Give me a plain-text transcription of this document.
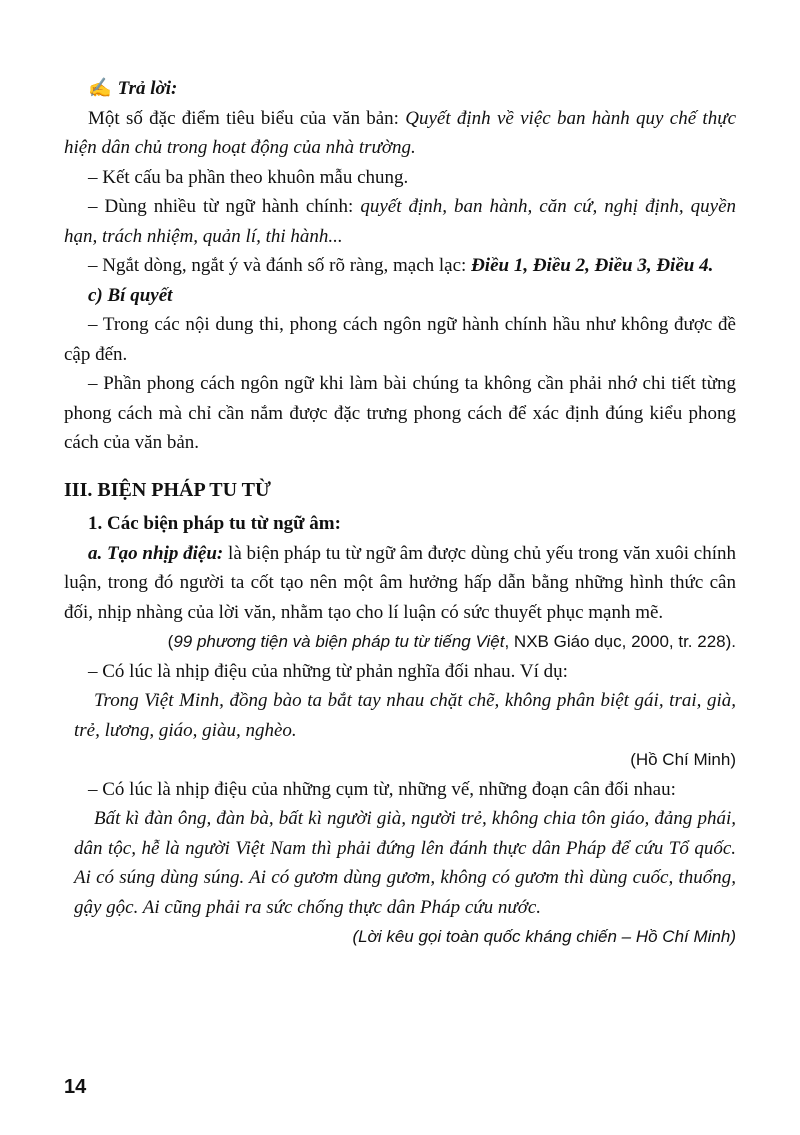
✍ Trả lời:

Một số đặc điểm tiêu biểu của văn bản: Quyết định về việc ban hành quy chế thực hiện dân chủ trong hoạt động của nhà trường.

– Kết cấu ba phần theo khuôn mẫu chung.

– Dùng nhiều từ ngữ hành chính: quyết định, ban hành, căn cứ, nghị định, quyền hạn, trách nhiệm, quản lí, thi hành...

– Ngắt dòng, ngắt ý và đánh số rõ ràng, mạch lạc: Điều 1, Điều 2, Điều 3, Điều 4.

c) Bí quyết

– Trong các nội dung thi, phong cách ngôn ngữ hành chính hầu như không được đề cập đến.

– Phần phong cách ngôn ngữ khi làm bài chúng ta không cần phải nhớ chi tiết từng phong cách mà chỉ cần nắm được đặc trưng phong cách để xác định đúng kiểu phong cách của văn bản.

III. BIỆN PHÁP TU TỪ

1. Các biện pháp tu từ ngữ âm:

a. Tạo nhịp điệu: là biện pháp tu từ ngữ âm được dùng chủ yếu trong văn xuôi chính luận, trong đó người ta cốt tạo nên một âm hưởng hấp dẫn bằng những hình thức cân đối, nhịp nhàng của lời văn, nhằm tạo cho lí luận có sức thuyết phục mạnh mẽ.

(99 phương tiện và biện pháp tu từ tiếng Việt, NXB Giáo dục, 2000, tr. 228).

– Có lúc là nhịp điệu của những từ phản nghĩa đối nhau. Ví dụ:

Trong Việt Minh, đồng bào ta bắt tay nhau chặt chẽ, không phân biệt gái, trai, già, trẻ, lương, giáo, giàu, nghèo.

(Hồ Chí Minh)

– Có lúc là nhịp điệu của những cụm từ, những vế, những đoạn cân đối nhau:

Bất kì đàn ông, đàn bà, bất kì người già, người trẻ, không chia tôn giáo, đảng phái, dân tộc, hễ là người Việt Nam thì phải đứng lên đánh thực dân Pháp để cứu Tổ quốc. Ai có súng dùng súng. Ai có gươm dùng gươm, không có gươm thì dùng cuốc, thuổng, gậy gộc. Ai cũng phải ra sức chống thực dân Pháp cứu nước.

(Lời kêu gọi toàn quốc kháng chiến – Hồ Chí Minh)

14
